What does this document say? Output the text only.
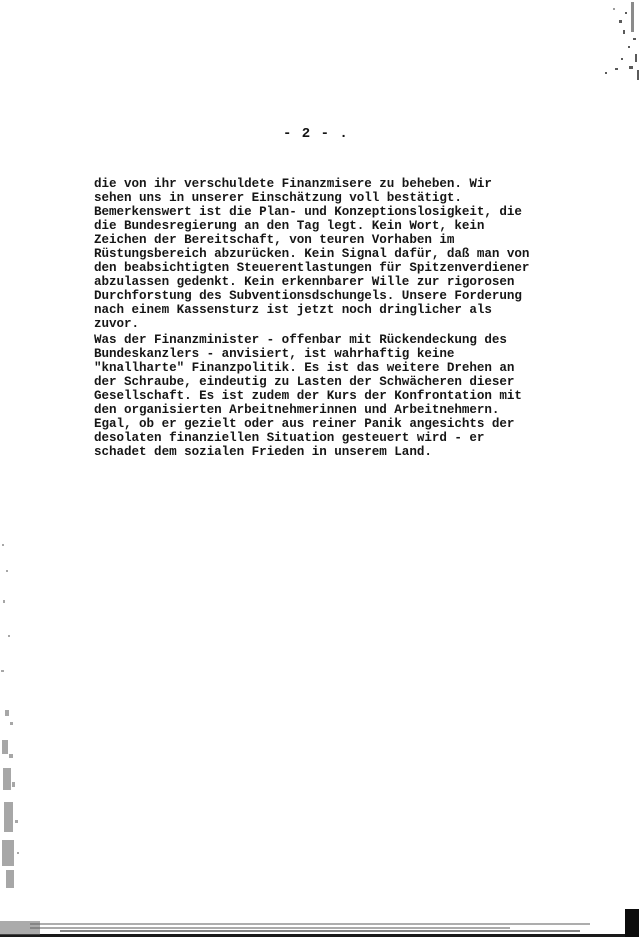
- 2 - .
die von ihr verschuldete Finanzmisere zu beheben. Wir
sehen uns in unserer Einschätzung voll bestätigt.
Bemerkenswert ist die Plan- und Konzeptionslosigkeit, die
die Bundesregierung an den Tag legt. Kein Wort, kein
Zeichen der Bereitschaft, von teuren Vorhaben im
Rüstungsbereich abzurücken. Kein Signal dafür, daß man von
den beabsichtigten Steuerentlastungen für Spitzenverdiener
abzulassen gedenkt. Kein erkennbarer Wille zur rigorosen
Durchforstung des Subventionsdschungels. Unsere Forderung
nach einem Kassensturz ist jetzt noch dringlicher als
zuvor.
Was der Finanzminister - offenbar mit Rückendeckung des
Bundeskanzlers - anvisiert, ist wahrhaftig keine
"knallharte" Finanzpolitik. Es ist das weitere Drehen an
der Schraube, eindeutig zu Lasten der Schwächeren dieser
Gesellschaft. Es ist zudem der Kurs der Konfrontation mit
den organisierten Arbeitnehmerinnen und Arbeitnehmern.
Egal, ob er gezielt oder aus reiner Panik angesichts der
desolaten finanziellen Situation gesteuert wird - er
schadet dem sozialen Frieden in unserem Land.
